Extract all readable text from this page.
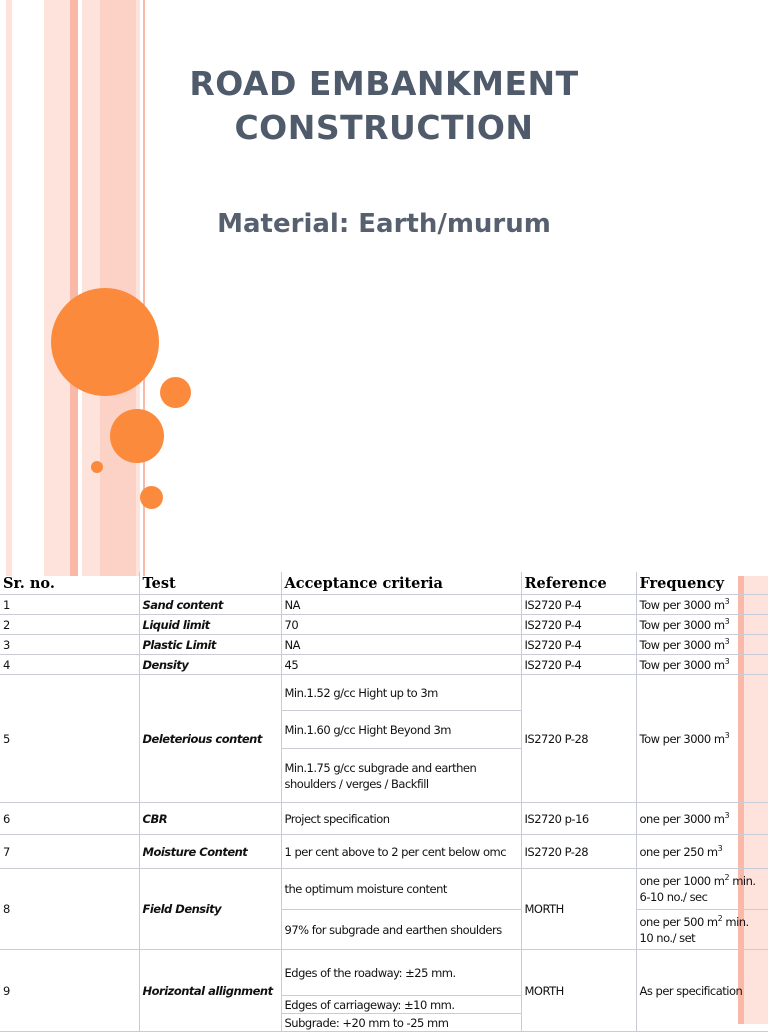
ROAD EMBANKMENT
CONSTRUCTION
Material: Earth/murum
Sr. no.	Test	Acceptance criteria	Reference	Frequency
1	Sand content	NA	IS2720 P-4	Tow per 3000 $m^3$
2	Liquid limit	70	IS2720 P-4	Tow per 3000 $m^3$
3	Plastic Limit	NA	IS2720 P-4	Tow per 3000 $m^3$
4	Density	45	IS2720 P-4	Tow per 3000 $m^3$
5	Deleterious content	Min.1.52 g/cc Hight up to 3m	IS2720 P-28	Tow per 3000 $m^3$
		Min.1.60 g/cc Hight Beyond 3m		
		Min.1.75 g/cc subgrade and earthen shoulders / verges / Backfill		
6	CBR	Project specification	IS2720 p-16	one per 3000 $m^3$
7	Moisture Content	1 per cent above to 2 per cent below omc	IS2720 P-28	one per 250 $m^3$
8	Field Density	the optimum moisture content	MORTH	one per 1000 $m^2$ min. 6-10 no./ sec
		97% for subgrade and earthen shoulders		one per 500 $m^2$ min. 10 no./ set
9	Horizontal allignment	Edges of the roadway: ±25 mm.	MORTH	As per specification
		Edges of carriageway: ±10 mm.		
		Subgrade: +20 mm to -25 mm		
